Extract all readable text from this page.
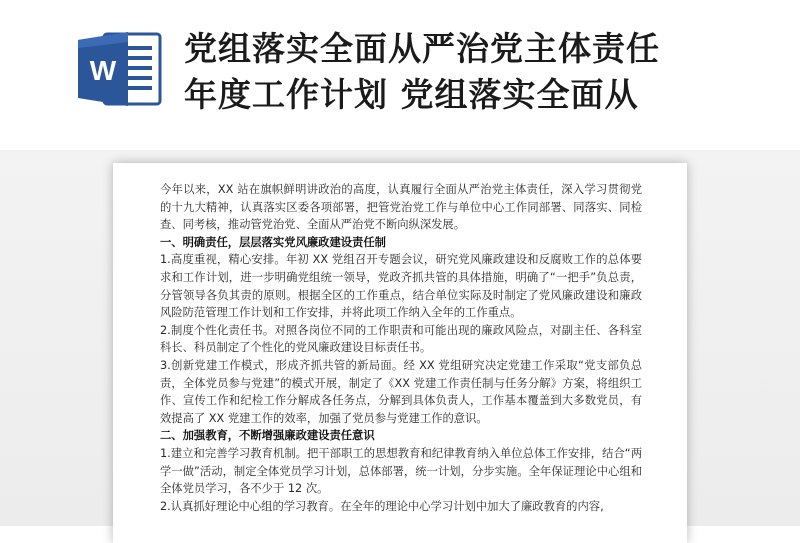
W
党组落实全面从严治党主体责任
年度工作计划 党组落实全面从

今年以来，XX 站在旗帜鲜明讲政治的高度，认真履行全面从严治党主体责任，深入学习贯彻党的十九大精神，认真落实区委各项部署，把管党治党工作与单位中心工作同部署、同落实、同检查、同考核，推动管党治党、全面从严治党不断向纵深发展。

一、明确责任，层层落实党风廉政建设责任制

1.高度重视，精心安排。年初 XX 党组召开专题会议，研究党风廉政建设和反腐败工作的总体要求和工作计划，进一步明确党组统一领导，党政齐抓共管的具体措施，明确了“一把手”负总责，分管领导各负其责的原则。根据全区的工作重点，结合单位实际及时制定了党风廉政建设和廉政风险防范管理工作计划和工作安排，并将此项工作纳入全年的工作重点。

2.制度个性化责任书。对照各岗位不同的工作职责和可能出现的廉政风险点，对副主任、各科室科长、科员制定了个性化的党风廉政建设目标责任书。

3.创新党建工作模式，形成齐抓共管的新局面。经 XX 党组研究决定党建工作采取“党支部负总责，全体党员参与党建”的模式开展，制定了《XX 党建工作责任制与任务分解》方案，将组织工作、宣传工作和纪检工作分解成各任务点，分解到具体负责人，工作基本覆盖到大多数党员，有效提高了 XX 党建工作的效率，加强了党员参与党建工作的意识。

二、加强教育，不断增强廉政建设责任意识

1.建立和完善学习教育机制。把干部职工的思想教育和纪律教育纳入单位总体工作安排，结合“两学一做”活动，制定全体党员学习计划，总体部署，统一计划，分步实施。全年保证理论中心组和全体党员学习，各不少于 12 次。

2.认真抓好理论中心组的学习教育。在全年的理论中心学习计划中加大了廉政教育的内容,
